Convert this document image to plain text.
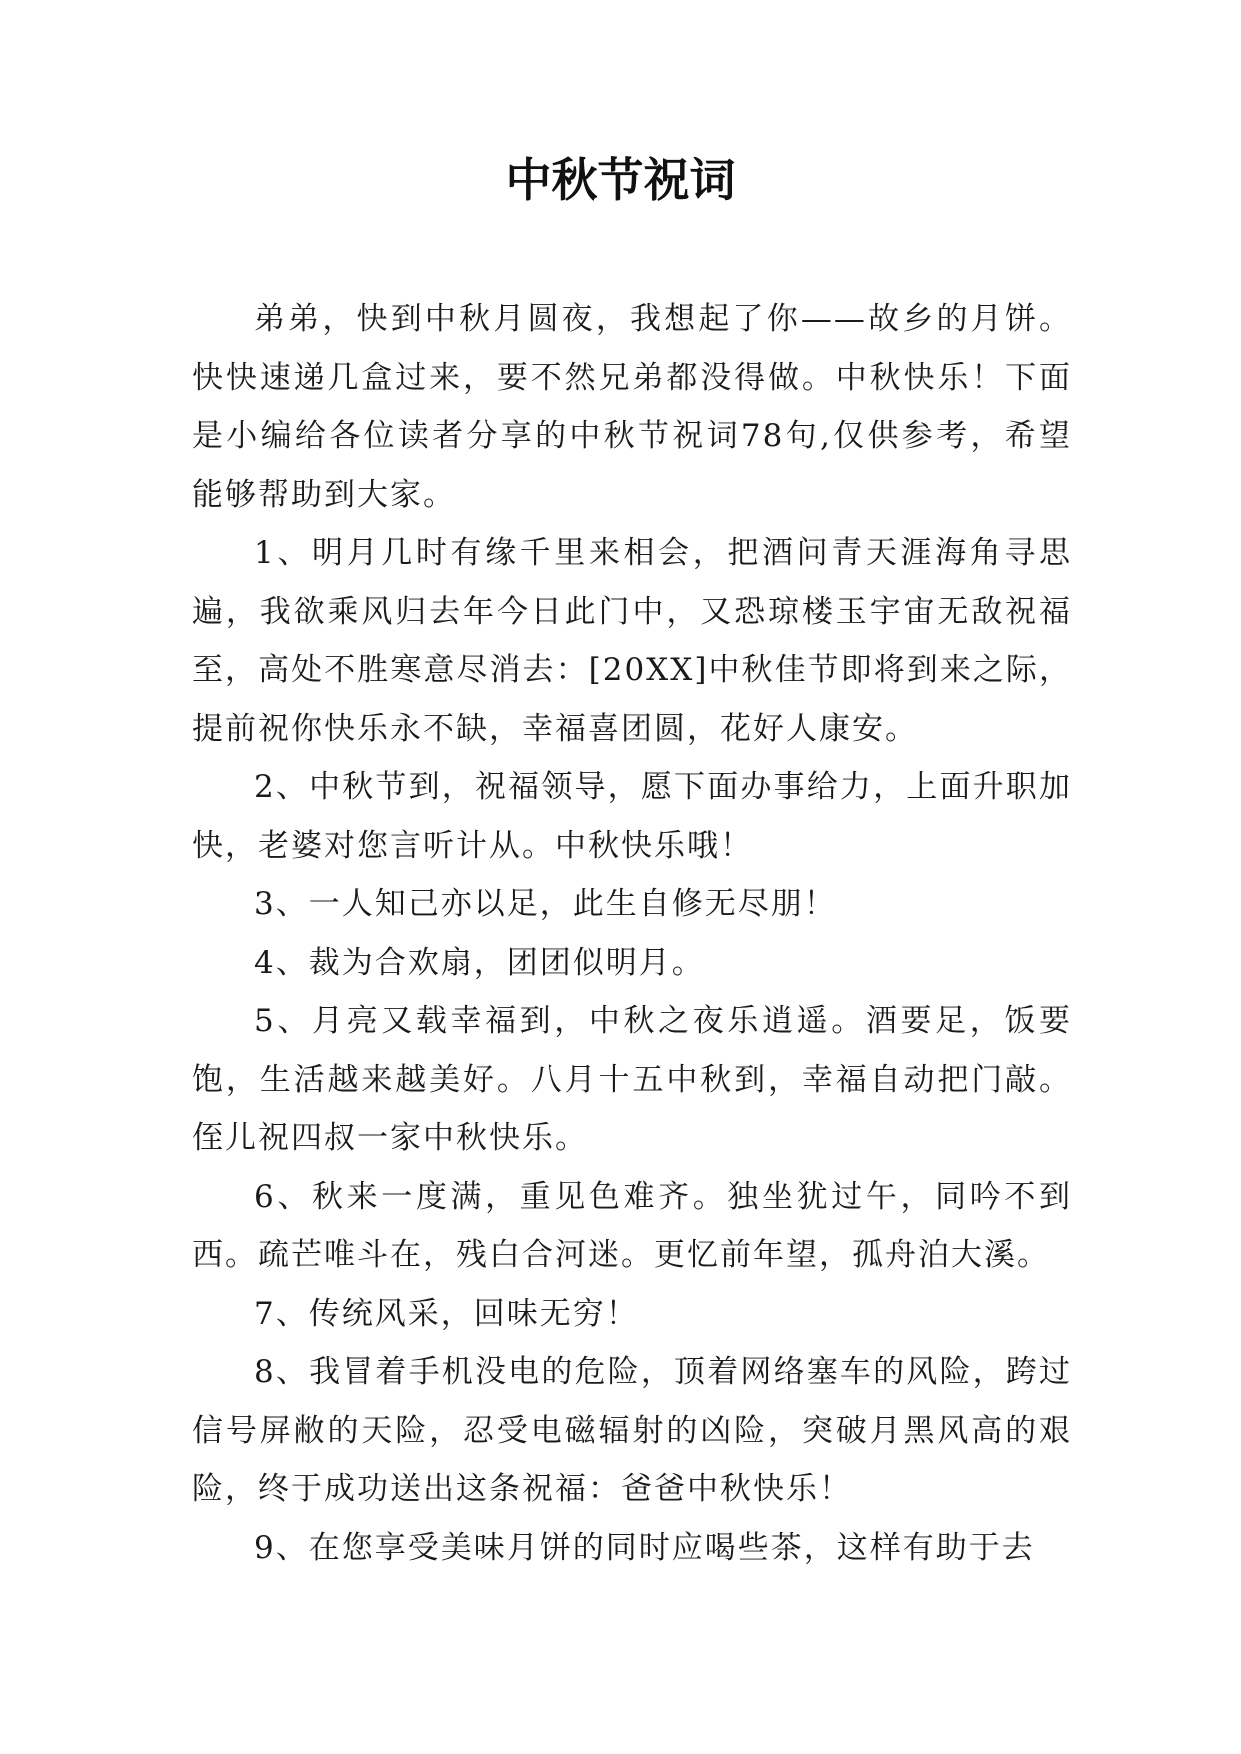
中秋节祝词

弟弟，快到中秋月圆夜，我想起了你——故乡的月饼。快快速递几盒过来，要不然兄弟都没得做。中秋快乐！下面是小编给各位读者分享的中秋节祝词78句,仅供参考，希望能够帮助到大家。

1、明月几时有缘千里来相会，把酒问青天涯海角寻思遍，我欲乘风归去年今日此门中，又恐琼楼玉宇宙无敌祝福至，高处不胜寒意尽消去：[20XX]中秋佳节即将到来之际，提前祝你快乐永不缺，幸福喜团圆，花好人康安。

2、中秋节到，祝福领导，愿下面办事给力，上面升职加快，老婆对您言听计从。中秋快乐哦！

3、一人知己亦以足，此生自修无尽朋！

4、裁为合欢扇，团团似明月。

5、月亮又载幸福到，中秋之夜乐逍遥。酒要足，饭要饱，生活越来越美好。八月十五中秋到，幸福自动把门敲。侄儿祝四叔一家中秋快乐。

6、秋来一度满，重见色难齐。独坐犹过午，同吟不到西。疏芒唯斗在，残白合河迷。更忆前年望，孤舟泊大溪。

7、传统风采，回味无穷！

8、我冒着手机没电的危险，顶着网络塞车的风险，跨过信号屏敝的天险，忍受电磁辐射的凶险，突破月黑风高的艰险，终于成功送出这条祝福：爸爸中秋快乐！

9、在您享受美味月饼的同时应喝些茶，这样有助于去
